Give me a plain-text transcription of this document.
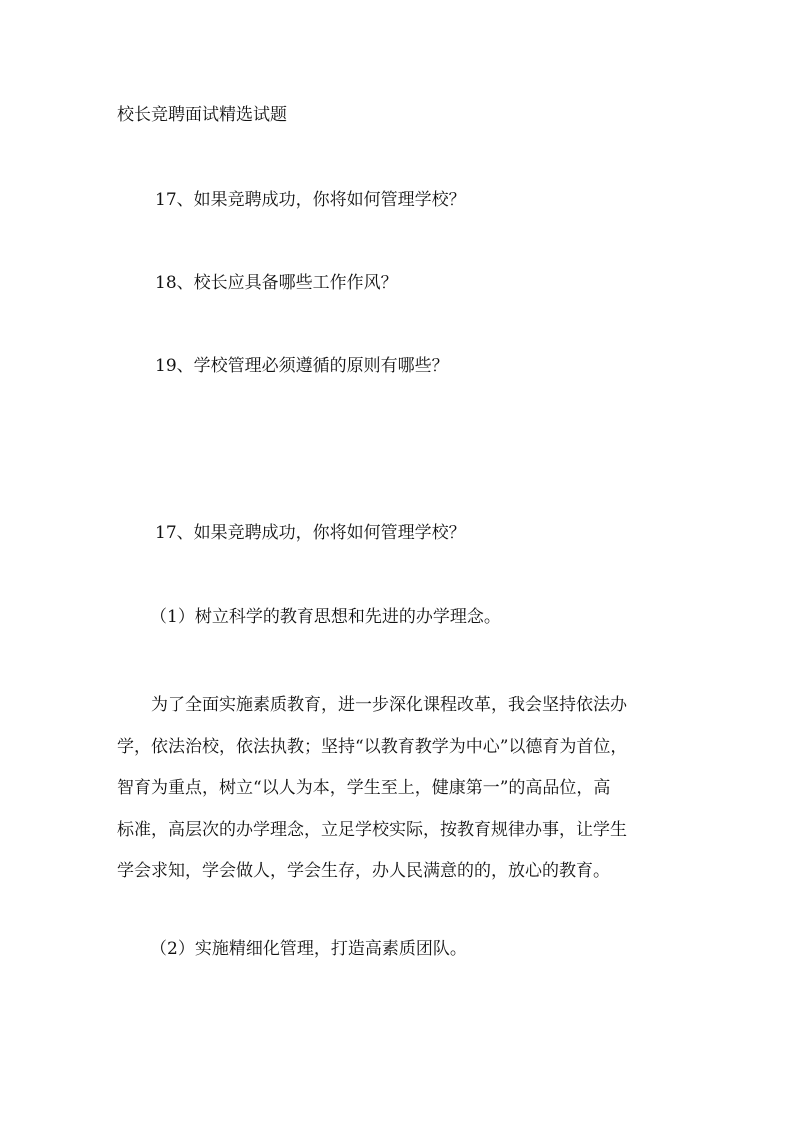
校长竞聘面试精选试题
17、如果竞聘成功，你将如何管理学校？
18、校长应具备哪些工作作风？
19、学校管理必须遵循的原则有哪些？
17、如果竞聘成功，你将如何管理学校？
（1）树立科学的教育思想和先进的办学理念。
为了全面实施素质教育，进一步深化课程改革，我会坚持依法办
学，依法治校，依法执教；坚持“以教育教学为中心”以德育为首位，
智育为重点，树立“以人为本，学生至上，健康第一”的高品位，高
标准，高层次的办学理念，立足学校实际，按教育规律办事，让学生
学会求知，学会做人，学会生存，办人民满意的的，放心的教育。
（2）实施精细化管理，打造高素质团队。
